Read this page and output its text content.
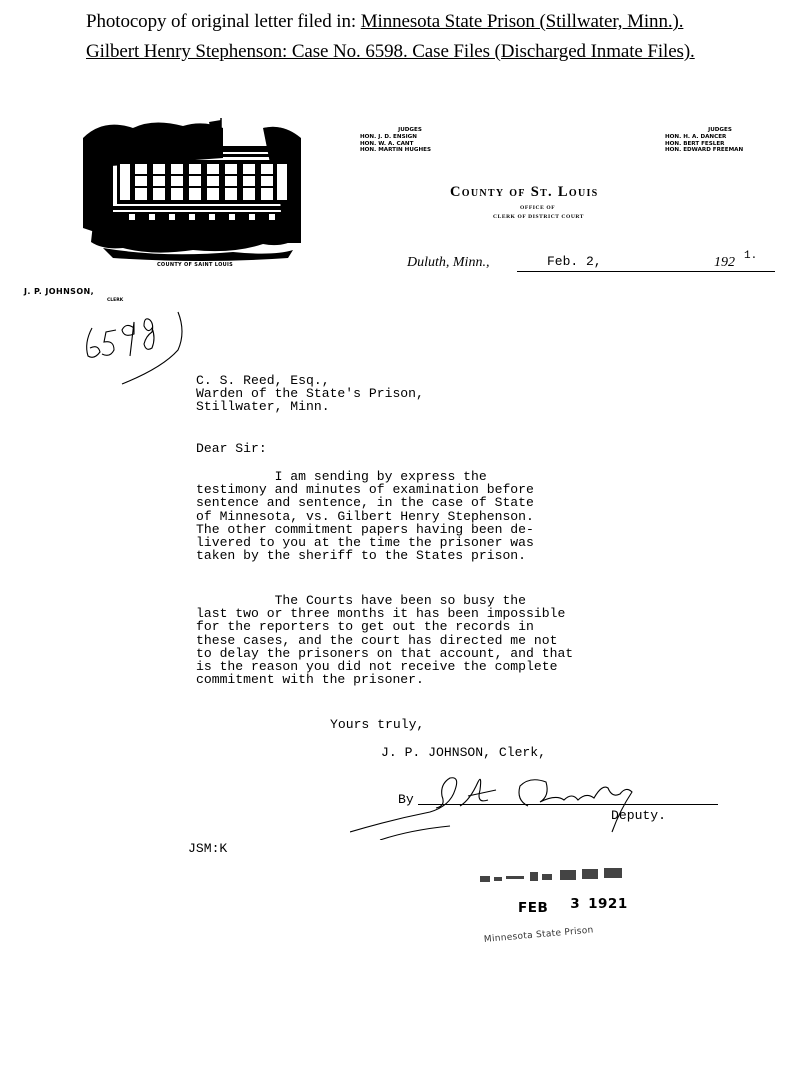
Photocopy of original letter filed in: Minnesota State Prison (Stillwater, Minn.).
Gilbert Henry Stephenson: Case No. 6598. Case Files (Discharged Inmate Files).
COUNTY OF SAINT LOUIS
JUDGES
HON. J. D. ENSIGN
HON. W. A. CANT
HON. MARTIN HUGHES
JUDGES
HON. H. A. DANCER
HON. BERT FESLER
HON. EDWARD FREEMAN
County of St. Louis
OFFICE OF
CLERK OF DISTRICT COURT
Duluth, Minn.,	Feb. 2,	192 1.
J. P. JOHNSON,
CLERK
C. S. Reed, Esq.,
Warden of the State's Prison,
Stillwater, Minn.
Dear Sir:
I am sending by express the
testimony and minutes of examination before
sentence and sentence, in the case of State
of Minnesota, vs. Gilbert Henry Stephenson.
The other commitment papers having been de-
livered to you at the time the prisoner was
taken by the sheriff to the States prison.
The Courts have been so busy the
last two or three months it has been impossible
for the reporters to get out the records in
these cases, and the court has directed me not
to delay the prisoners on that account, and that
is the reason you did not receive the complete
commitment with the prisoner.
Yours truly,
J. P. JOHNSON, Clerk,
By
Deputy.
JSM:K
FEB 3 1921
Minnesota State Prison
